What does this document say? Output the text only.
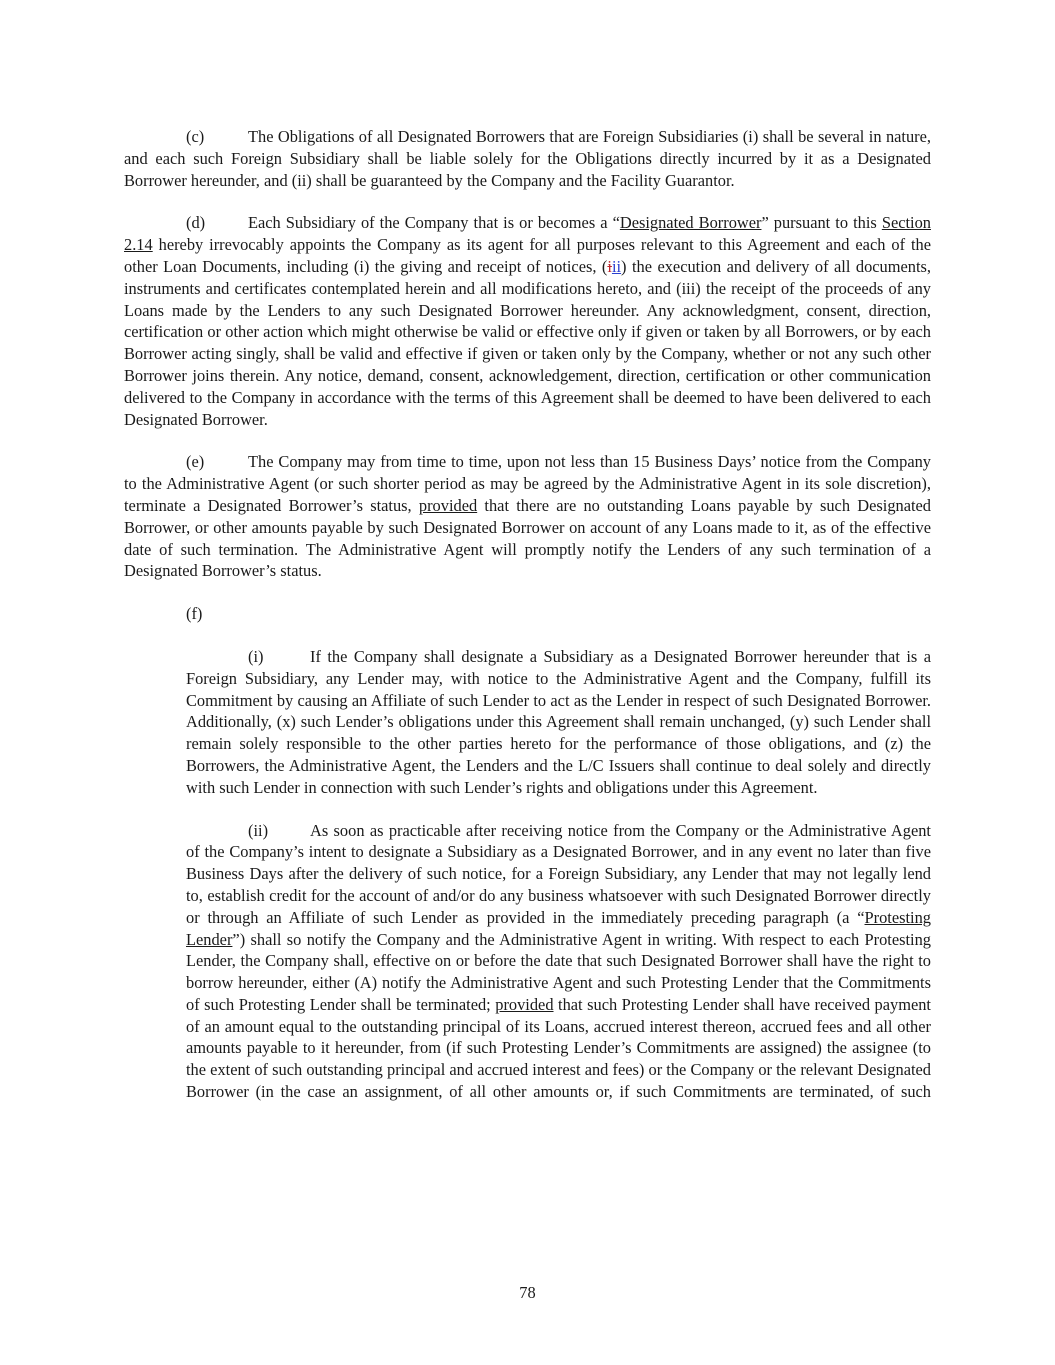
(c)	The Obligations of all Designated Borrowers that are Foreign Subsidiaries (i) shall be several in nature, and each such Foreign Subsidiary shall be liable solely for the Obligations directly incurred by it as a Designated Borrower hereunder, and (ii) shall be guaranteed by the Company and the Facility Guarantor.

(d)	Each Subsidiary of the Company that is or becomes a “Designated Borrower” pursuant to this Section 2.14 hereby irrevocably appoints the Company as its agent for all purposes relevant to this Agreement and each of the other Loan Documents, including (i) the giving and receipt of notices, (iii) the execution and delivery of all documents, instruments and certificates contemplated herein and all modifications hereto, and (iii) the receipt of the proceeds of any Loans made by the Lenders to any such Designated Borrower hereunder. Any acknowledgment, consent, direction, certification or other action which might otherwise be valid or effective only if given or taken by all Borrowers, or by each Borrower acting singly, shall be valid and effective if given or taken only by the Company, whether or not any such other Borrower joins therein. Any notice, demand, consent, acknowledgement, direction, certification or other communication delivered to the Company in accordance with the terms of this Agreement shall be deemed to have been delivered to each Designated Borrower.

(e)	The Company may from time to time, upon not less than 15 Business Days’ notice from the Company to the Administrative Agent (or such shorter period as may be agreed by the Administrative Agent in its sole discretion), terminate a Designated Borrower’s status, provided that there are no outstanding Loans payable by such Designated Borrower, or other amounts payable by such Designated Borrower on account of any Loans made to it, as of the effective date of such termination. The Administrative Agent will promptly notify the Lenders of any such termination of a Designated Borrower’s status.

(f)

(i)	If the Company shall designate a Subsidiary as a Designated Borrower hereunder that is a Foreign Subsidiary, any Lender may, with notice to the Administrative Agent and the Company, fulfill its Commitment by causing an Affiliate of such Lender to act as the Lender in respect of such Designated Borrower. Additionally, (x) such Lender’s obligations under this Agreement shall remain unchanged, (y) such Lender shall remain solely responsible to the other parties hereto for the performance of those obligations, and (z) the Borrowers, the Administrative Agent, the Lenders and the L/C Issuers shall continue to deal solely and directly with such Lender in connection with such Lender’s rights and obligations under this Agreement.

(ii)	As soon as practicable after receiving notice from the Company or the Administrative Agent of the Company’s intent to designate a Subsidiary as a Designated Borrower, and in any event no later than five Business Days after the delivery of such notice, for a Foreign Subsidiary, any Lender that may not legally lend to, establish credit for the account of and/or do any business whatsoever with such Designated Borrower directly or through an Affiliate of such Lender as provided in the immediately preceding paragraph (a “Protesting Lender”) shall so notify the Company and the Administrative Agent in writing. With respect to each Protesting Lender, the Company shall, effective on or before the date that such Designated Borrower shall have the right to borrow hereunder, either (A) notify the Administrative Agent and such Protesting Lender that the Commitments of such Protesting Lender shall be terminated; provided that such Protesting Lender shall have received payment of an amount equal to the outstanding principal of its Loans, accrued interest thereon, accrued fees and all other amounts payable to it hereunder, from (if such Protesting Lender’s Commitments are assigned) the assignee (to the extent of such outstanding principal and accrued interest and fees) or the Company or the relevant Designated Borrower (in the case an assignment, of all other amounts or, if such Commitments are terminated, of such

78
